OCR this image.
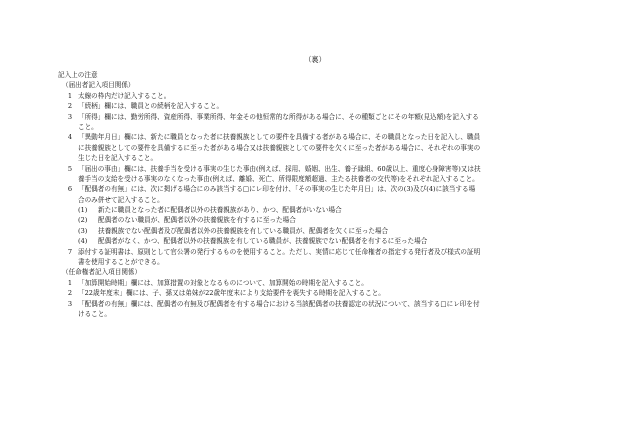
（裏）
記入上の注意
（届出者記入項目関係）
1 太線の枠内だけ記入すること。
2 「続柄」欄には、職員との続柄を記入すること。
3 「所得」欄には、勤労所得、資産所得、事業所得、年金その他恒常的な所得がある場合に、その種類ごとにその年額(見込額)を記入する
こと。
4 「異動年月日」欄には、新たに職員となった者に扶養親族としての要件を具備する者がある場合に、その職員となった日を記入し、職員
に扶養親族としての要件を具備するに至った者がある場合又は扶養親族としての要件を欠くに至った者がある場合に、それぞれの事実の
生じた日を記入すること。
5 「届出の事由」欄には、扶養手当を受ける事実の生じた事由(例えば、採用、婚姻、出生、養子縁組、60歳以上、重度心身障害等)又は扶
養手当の支給を受ける事実のなくなった事由(例えば、離婚、死亡、所得限度額超過、主たる扶養者の交代等)をそれぞれ記入すること。
6 「配偶者の有無」には、次に掲げる場合にのみ該当する□にレ印を付け、「その事実の生じた年月日」は、次の(3)及び(4)に該当する場
合のみ併せて記入すること。
(1) 新たに職員となった者に配偶者以外の扶養親族があり、かつ、配偶者がいない場合
(2) 配偶者のない職員が、配偶者以外の扶養親族を有するに至った場合
(3) 扶養親族でない配偶者及び配偶者以外の扶養親族を有している職員が、配偶者を欠くに至った場合
(4) 配偶者がなく、かつ、配偶者以外の扶養親族を有している職員が、扶養親族でない配偶者を有するに至った場合
7 添付する証明書は、原則として官公署の発行するものを使用すること。ただし、実情に応じて任命権者の指定する発行者及び様式の証明
書を使用することができる。
（任命権者記入項目関係）
1 「加算開始時期」欄には、加算措置の対象となるものについて、加算開始の時期を記入すること。
2 「22歳年度末」欄には、子、孫又は弟妹が22歳年度末により支給要件を喪失する時期を記入すること。
3 「配偶者の有無」欄には、配偶者の有無及び配偶者を有する場合における当該配偶者の扶養認定の状況について、該当する□にレ印を付
けること。
